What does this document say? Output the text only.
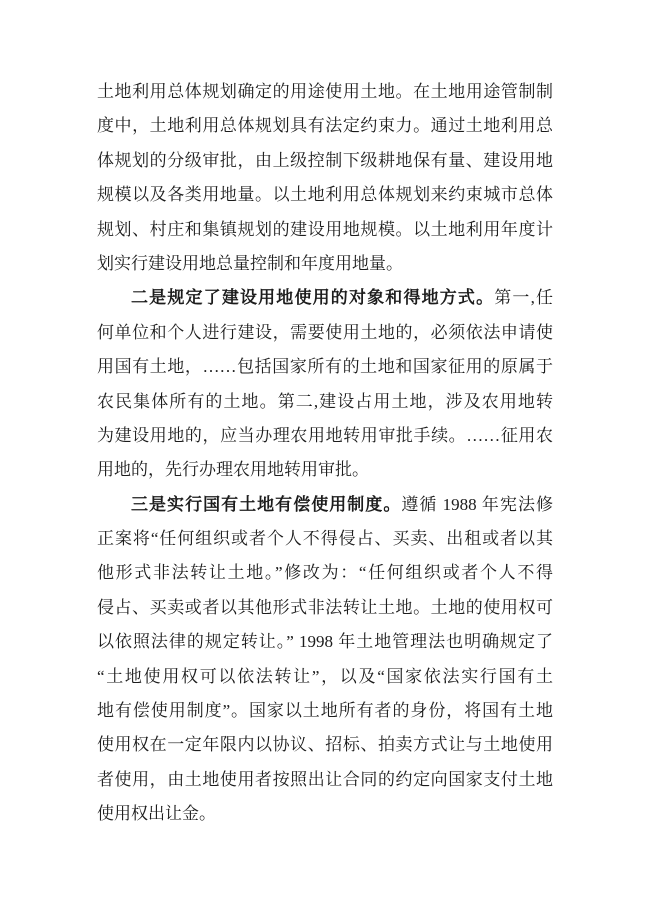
土地利用总体规划确定的用途使用土地。在土地用途管制制
度中，土地利用总体规划具有法定约束力。通过土地利用总
体规划的分级审批，由上级控制下级耕地保有量、建设用地
规模以及各类用地量。以土地利用总体规划来约束城市总体
规划、村庄和集镇规划的建设用地规模。以土地利用年度计
划实行建设用地总量控制和年度用地量。
二是规定了建设用地使用的对象和得地方式。第一,任
何单位和个人进行建设，需要使用土地的，必须依法申请使
用国有土地，……包括国家所有的土地和国家征用的原属于
农民集体所有的土地。第二,建设占用土地，涉及农用地转
为建设用地的，应当办理农用地转用审批手续。……征用农
用地的，先行办理农用地转用审批。
三是实行国有土地有偿使用制度。遵循 1988 年宪法修
正案将“任何组织或者个人不得侵占、买卖、出租或者以其
他形式非法转让土地。”修改为：“任何组织或者个人不得
侵占、买卖或者以其他形式非法转让土地。土地的使用权可
以依照法律的规定转让。” 1998 年土地管理法也明确规定了
“土地使用权可以依法转让”，以及“国家依法实行国有土
地有偿使用制度”。国家以土地所有者的身份，将国有土地
使用权在一定年限内以协议、招标、拍卖方式让与土地使用
者使用，由土地使用者按照出让合同的约定向国家支付土地
使用权出让金。
